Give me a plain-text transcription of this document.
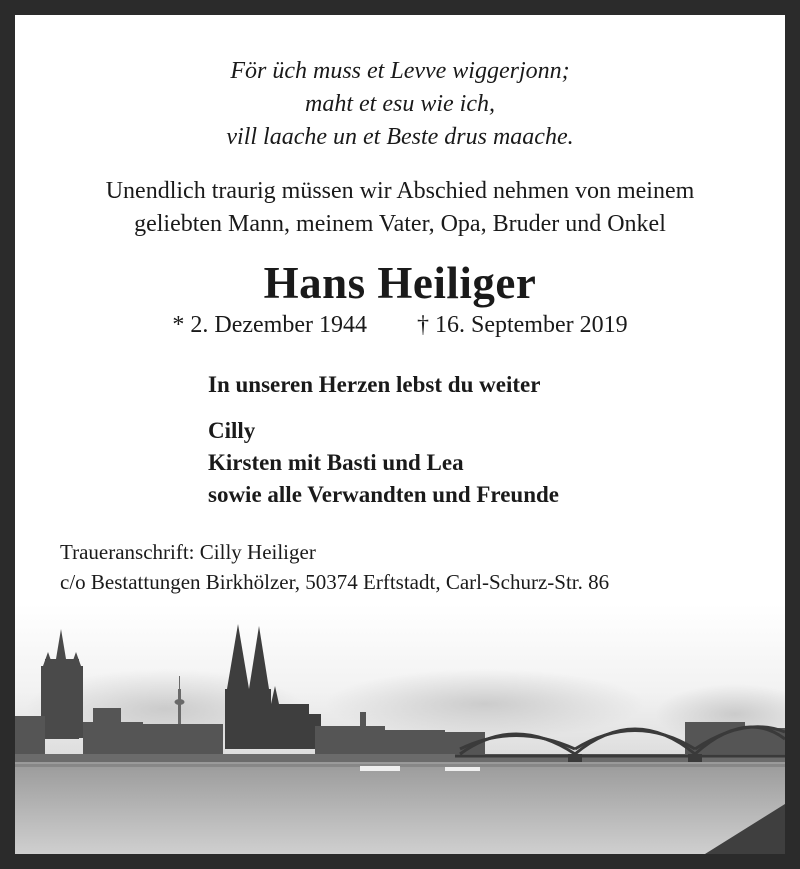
För üch muss et Levve wiggerjonn;
maht et esu wie ich,
vill laache un et Beste drus maache.
Unendlich traurig müssen wir Abschied nehmen von meinem
geliebten Mann, meinem Vater, Opa, Bruder und Onkel
Hans Heiliger
* 2. Dezember 1944 † 16. September 2019
In unseren Herzen lebst du weiter
Cilly
Kirsten mit Basti und Lea
sowie alle Verwandten und Freunde
Traueranschrift: Cilly Heiliger
c/o Bestattungen Birkhölzer, 50374 Erftstadt, Carl-Schurz-Str. 86
